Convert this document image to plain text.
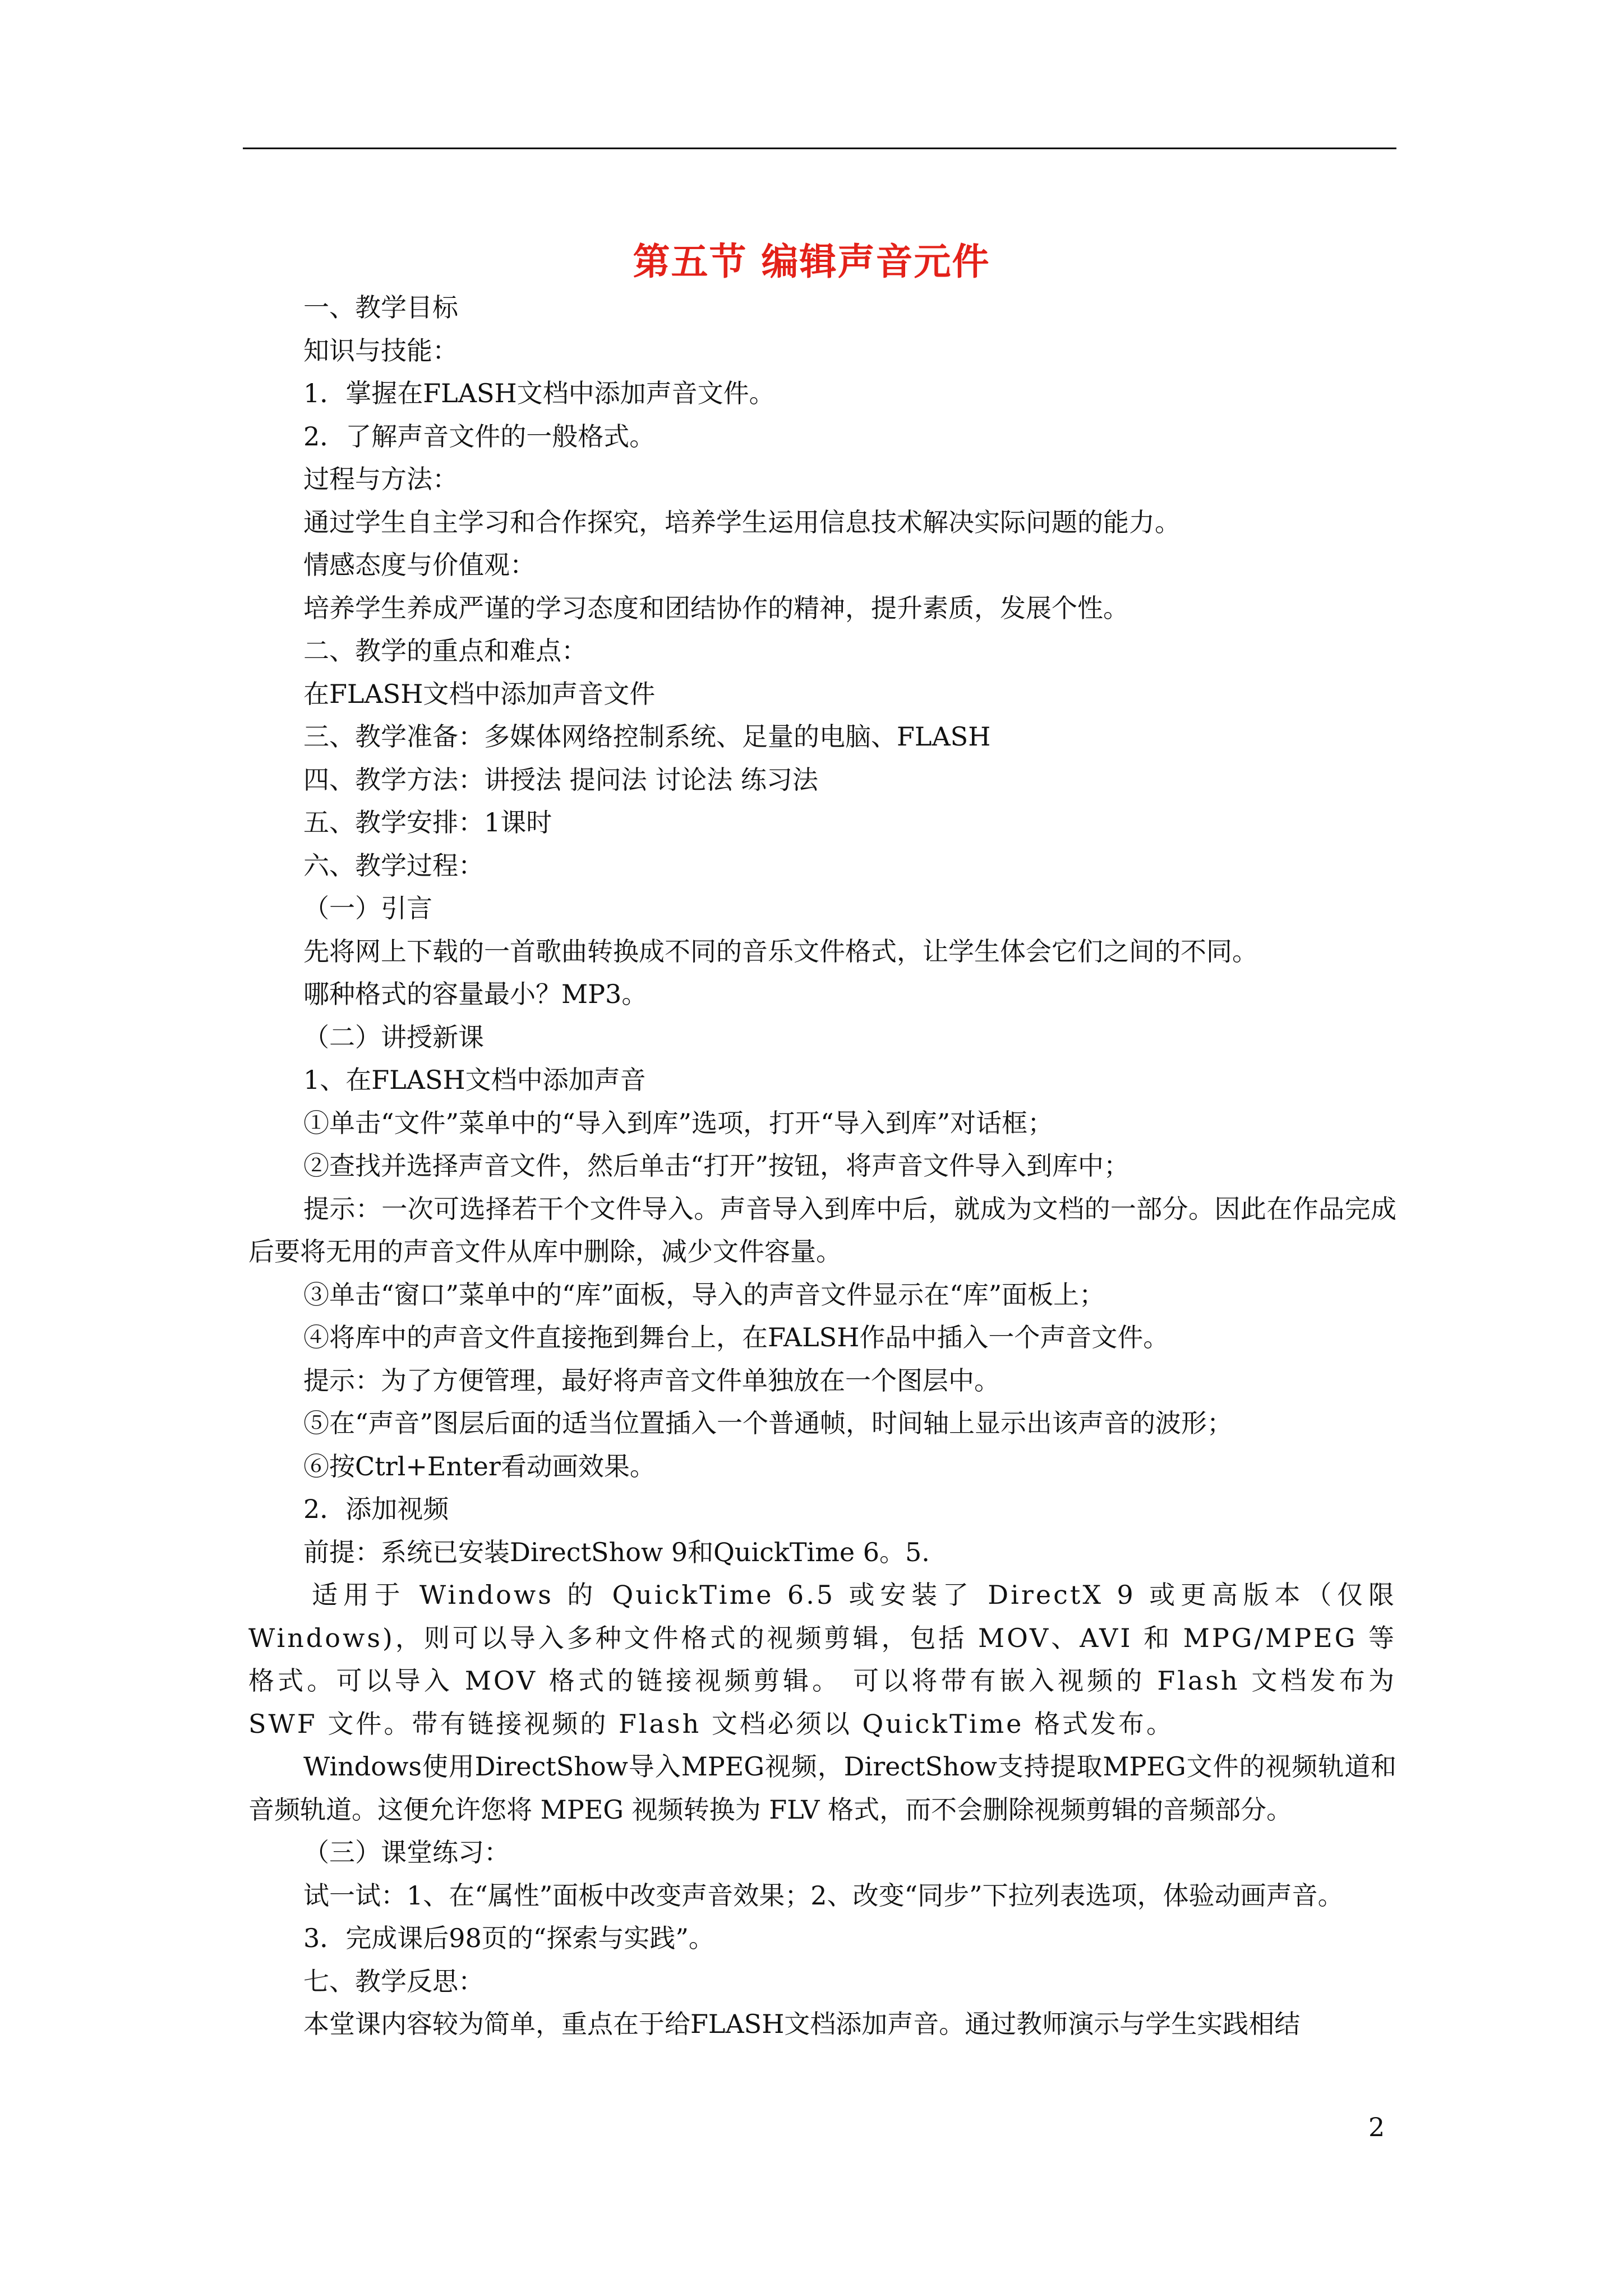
第五节 编辑声音元件

一、教学目标

知识与技能：

1．掌握在FLASH文档中添加声音文件。

2．了解声音文件的一般格式。

过程与方法：

通过学生自主学习和合作探究，培养学生运用信息技术解决实际问题的能力。

情感态度与价值观：

培养学生养成严谨的学习态度和团结协作的精神，提升素质，发展个性。

二、教学的重点和难点：

在FLASH文档中添加声音文件

三、教学准备：多媒体网络控制系统、足量的电脑、FLASH

四、教学方法：讲授法 提问法 讨论法 练习法

五、教学安排：1课时

六、教学过程：

（一）引言

先将网上下载的一首歌曲转换成不同的音乐文件格式，让学生体会它们之间的不同。

哪种格式的容量最小？MP3。

（二）讲授新课

1、在FLASH文档中添加声音

①单击“文件”菜单中的“导入到库”选项，打开“导入到库”对话框；

②查找并选择声音文件，然后单击“打开”按钮，将声音文件导入到库中；

提示：一次可选择若干个文件导入。声音导入到库中后，就成为文档的一部分。因此在作品完成后要将无用的声音文件从库中删除，减少文件容量。

③单击“窗口”菜单中的“库”面板，导入的声音文件显示在“库”面板上；

④将库中的声音文件直接拖到舞台上，在FALSH作品中插入一个声音文件。

提示：为了方便管理，最好将声音文件单独放在一个图层中。

⑤在“声音”图层后面的适当位置插入一个普通帧，时间轴上显示出该声音的波形；

⑥按Ctrl+Enter看动画效果。

2．添加视频

前提：系统已安装DirectShow 9和QuickTime 6。5.

适用于 Windows 的 QuickTime 6.5 或安装了 DirectX 9 或更高版本（仅限 Windows)，则可以导入多种文件格式的视频剪辑，包括 MOV、AVI 和 MPG/MPEG 等格式。可以导入 MOV 格式的链接视频剪辑。 可以将带有嵌入视频的 Flash 文档发布为 SWF 文件。带有链接视频的 Flash 文档必须以 QuickTime 格式发布。

Windows使用DirectShow导入MPEG视频，DirectShow支持提取MPEG文件的视频轨道和音频轨道。这便允许您将 MPEG 视频转换为 FLV 格式，而不会删除视频剪辑的音频部分。

（三）课堂练习：

试一试：1、在“属性”面板中改变声音效果；2、改变“同步”下拉列表选项，体验动画声音。

3．完成课后98页的“探索与实践”。

七、教学反思：

本堂课内容较为简单，重点在于给FLASH文档添加声音。通过教师演示与学生实践相结

2
